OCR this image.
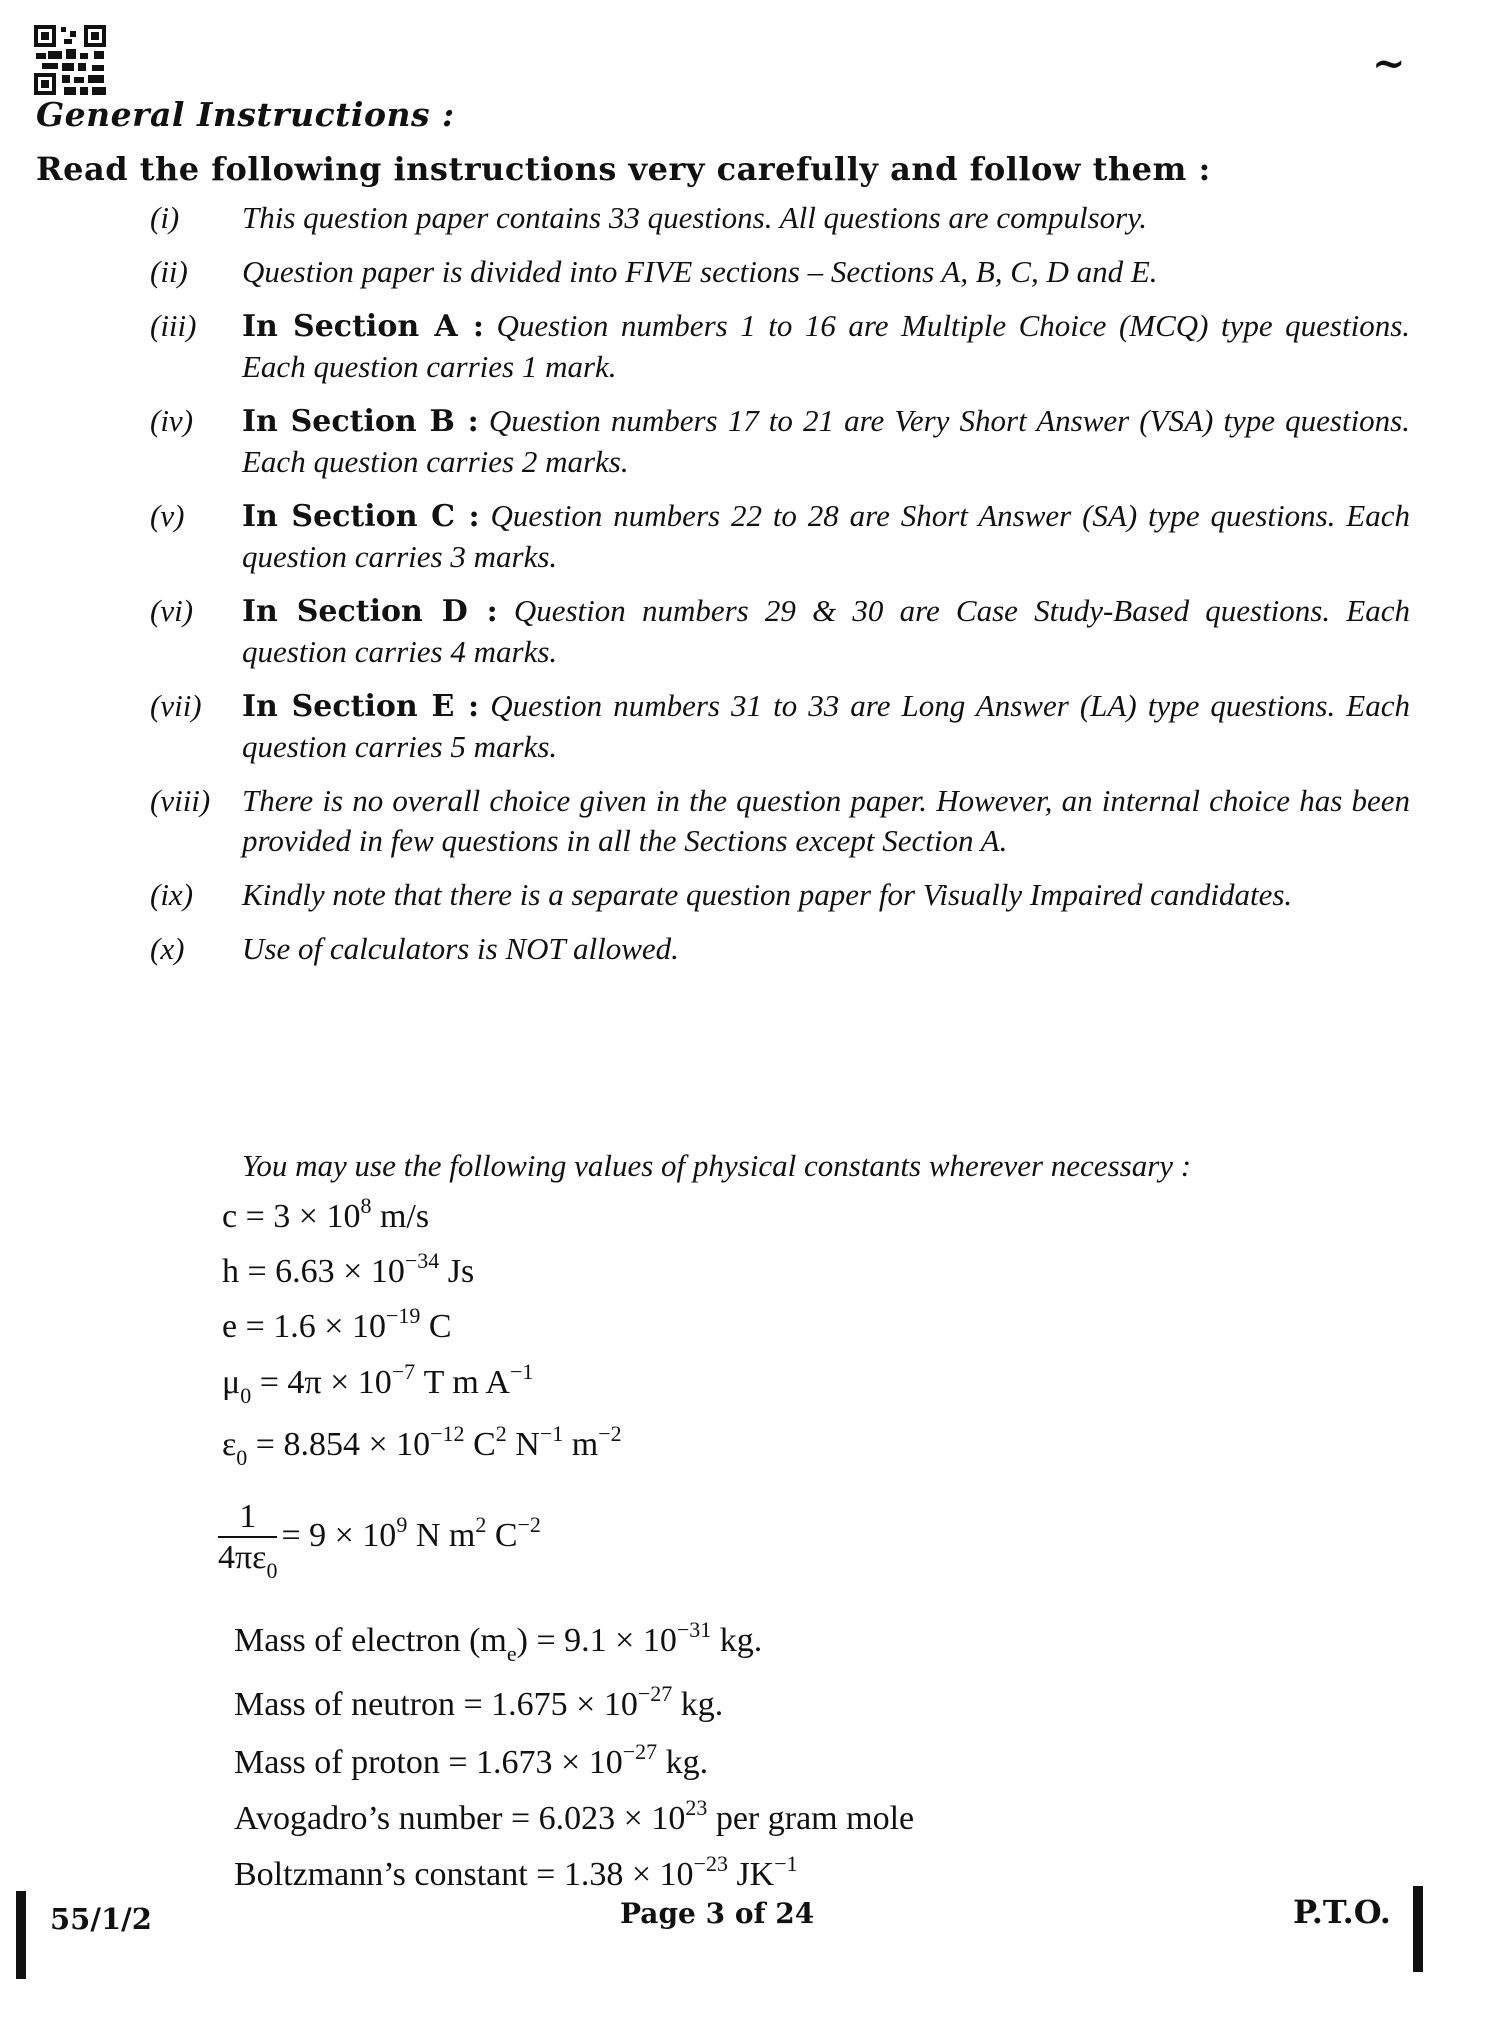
~
General Instructions :
Read the following instructions very carefully and follow them :
(i)	This question paper contains 33 questions. All questions are compulsory.
(ii)	Question paper is divided into FIVE sections – Sections A, B, C, D and E.
(iii)	In Section A : Question numbers 1 to 16 are Multiple Choice (MCQ) type questions. Each question carries 1 mark.
(iv)	In Section B : Question numbers 17 to 21 are Very Short Answer (VSA) type questions. Each question carries 2 marks.
(v)	In Section C : Question numbers 22 to 28 are Short Answer (SA) type questions. Each question carries 3 marks.
(vi)	In Section D : Question numbers 29 & 30 are Case Study-Based questions. Each question carries 4 marks.
(vii)	In Section E : Question numbers 31 to 33 are Long Answer (LA) type questions. Each question carries 5 marks.
(viii)	There is no overall choice given in the question paper. However, an internal choice has been provided in few questions in all the Sections except Section A.
(ix)	Kindly note that there is a separate question paper for Visually Impaired candidates.
(x)	Use of calculators is NOT allowed.
You may use the following values of physical constants wherever necessary :
$c = 3 \times 10^8$ m/s
$h = 6.63 \times 10^{-34}$ Js
$e = 1.6 \times 10^{-19}$ C
$\mu_0 = 4\pi \times 10^{-7}$ T m $A^{-1}$
$\varepsilon_0 = 8.854 \times 10^{-12}$ $C^2$ $N^{-1}$ $m^{-2}$
$\frac{1}{4\pi\varepsilon_0} = 9 \times 10^9$ N $m^2$ $C^{-2}$
Mass of electron $(m_e) = 9.1 \times 10^{-31}$ kg.
Mass of neutron = $1.675 \times 10^{-27}$ kg.
Mass of proton = $1.673 \times 10^{-27}$ kg.
Avogadro’s number = $6.023 \times 10^{23}$ per gram mole
Boltzmann’s constant = $1.38 \times 10^{-23}$ $JK^{-1}$
55/1/2	Page 3 of 24	P.T.O.
